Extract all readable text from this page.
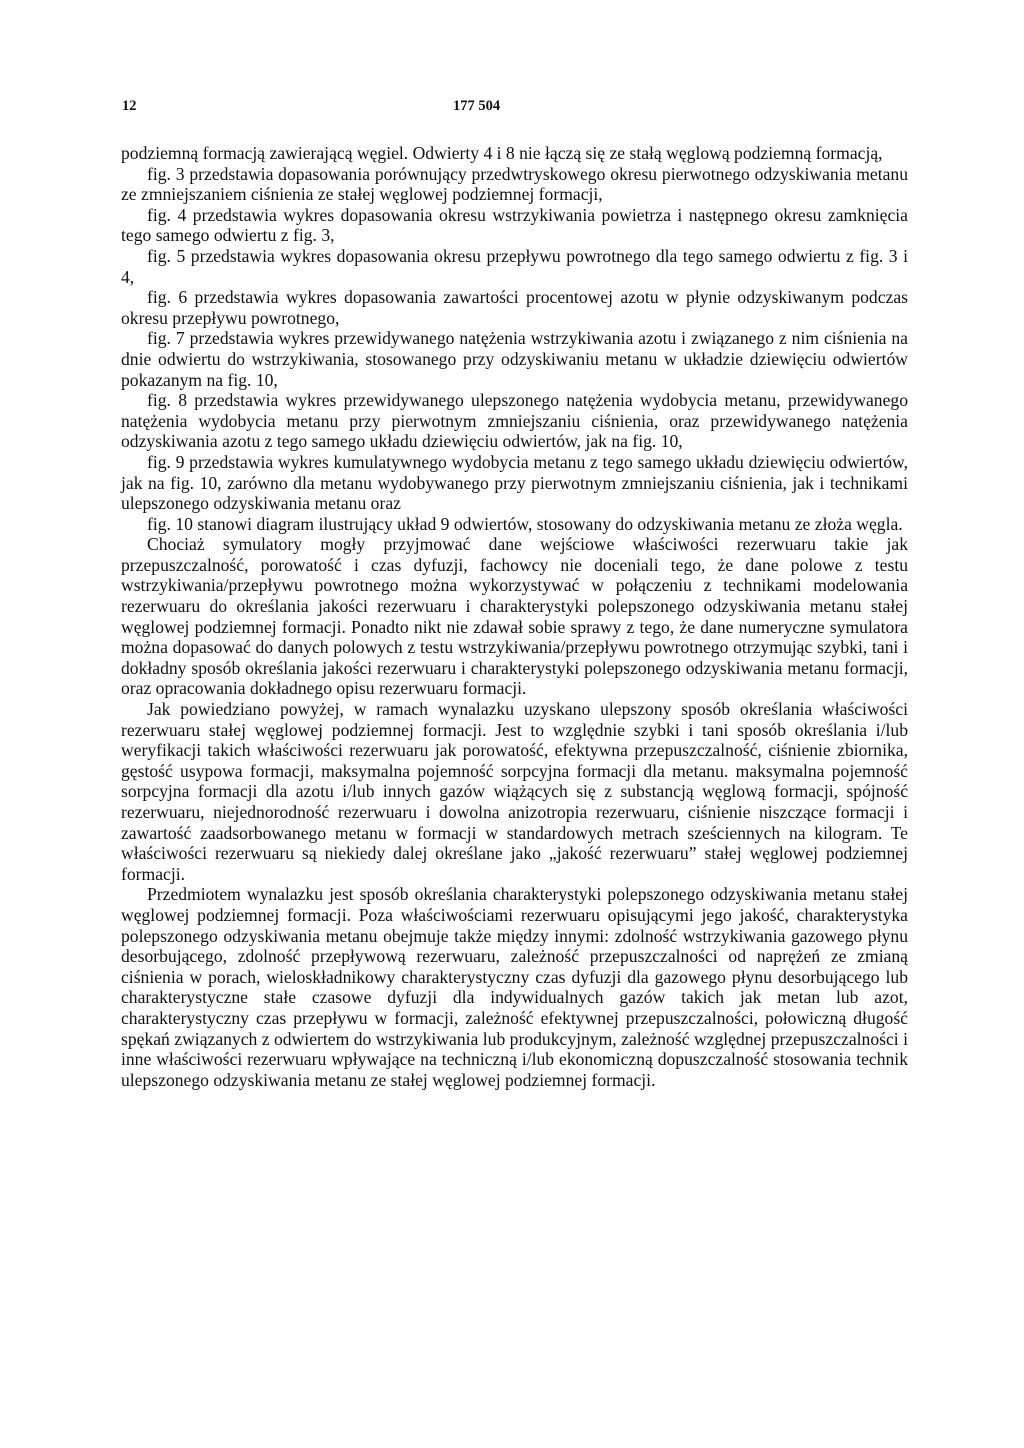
12	177 504

podziemną formacją zawierającą węgiel. Odwierty 4 i 8 nie łączą się ze stałą węglową podziemną formacją,

fig. 3 przedstawia dopasowania porównujący przedwtryskowego okresu pierwotnego odzyskiwania metanu ze zmniejszaniem ciśnienia ze stałej węglowej podziemnej formacji,

fig. 4 przedstawia wykres dopasowania okresu wstrzykiwania powietrza i następnego okresu zamknięcia tego samego odwiertu z fig. 3,

fig. 5 przedstawia wykres dopasowania okresu przepływu powrotnego dla tego samego odwiertu z fig. 3 i 4,

fig. 6 przedstawia wykres dopasowania zawartości procentowej azotu w płynie odzyskiwanym podczas okresu przepływu powrotnego,

fig. 7 przedstawia wykres przewidywanego natężenia wstrzykiwania azotu i związanego z nim ciśnienia na dnie odwiertu do wstrzykiwania, stosowanego przy odzyskiwaniu metanu w układzie dziewięciu odwiertów pokazanym na fig. 10,

fig. 8 przedstawia wykres przewidywanego ulepszonego natężenia wydobycia metanu, przewidywanego natężenia wydobycia metanu przy pierwotnym zmniejszaniu ciśnienia, oraz przewidywanego natężenia odzyskiwania azotu z tego samego układu dziewięciu odwiertów, jak na fig. 10,

fig. 9 przedstawia wykres kumulatywnego wydobycia metanu z tego samego układu dziewięciu odwiertów, jak na fig. 10, zarówno dla metanu wydobywanego przy pierwotnym zmniejszaniu ciśnienia, jak i technikami ulepszonego odzyskiwania metanu oraz

fig. 10 stanowi diagram ilustrujący układ 9 odwiertów, stosowany do odzyskiwania metanu ze złoża węgla.

Chociaż symulatory mogły przyjmować dane wejściowe właściwości rezerwuaru takie jak przepuszczalność, porowatość i czas dyfuzji, fachowcy nie doceniali tego, że dane polowe z testu wstrzykiwania/przepływu powrotnego można wykorzystywać w połączeniu z technikami modelowania rezerwuaru do określania jakości rezerwuaru i charakterystyki polepszonego odzyskiwania metanu stałej węglowej podziemnej formacji. Ponadto nikt nie zdawał sobie sprawy z tego, że dane numeryczne symulatora można dopasować do danych polowych z testu wstrzykiwania/przepływu powrotnego otrzymując szybki, tani i dokładny sposób określania jakości rezerwuaru i charakterystyki polepszonego odzyskiwania metanu formacji, oraz opracowania dokładnego opisu rezerwuaru formacji.

Jak powiedziano powyżej, w ramach wynalazku uzyskano ulepszony sposób określania właściwości rezerwuaru stałej węglowej podziemnej formacji. Jest to względnie szybki i tani sposób określania i/lub weryfikacji takich właściwości rezerwuaru jak porowatość, efektywna przepuszczalność, ciśnienie zbiornika, gęstość usypowa formacji, maksymalna pojemność sorpcyjna formacji dla metanu. maksymalna pojemność sorpcyjna formacji dla azotu i/lub innych gazów wiążących się z substancją węglową formacji, spójność rezerwuaru, niejednorodność rezerwuaru i dowolna anizotropia rezerwuaru, ciśnienie niszczące formacji i zawartość zaadsorbowanego metanu w formacji w standardowych metrach sześciennych na kilogram. Te właściwości rezerwuaru są niekiedy dalej określane jako „jakość rezerwuaru” stałej węglowej podziemnej formacji.

Przedmiotem wynalazku jest sposób określania charakterystyki polepszonego odzyskiwania metanu stałej węglowej podziemnej formacji. Poza właściwościami rezerwuaru opisującymi jego jakość, charakterystyka polepszonego odzyskiwania metanu obejmuje także między innymi: zdolność wstrzykiwania gazowego płynu desorbującego, zdolność przepływową rezerwuaru, zależność przepuszczalności od naprężeń ze zmianą ciśnienia w porach, wieloskładnikowy charakterystyczny czas dyfuzji dla gazowego płynu desorbującego lub charakterystyczne stałe czasowe dyfuzji dla indywidualnych gazów takich jak metan lub azot, charakterystyczny czas przepływu w formacji, zależność efektywnej przepuszczalności, połowiczną długość spękań związanych z odwiertem do wstrzykiwania lub produkcyjnym, zależność względnej przepuszczalności i inne właściwości rezerwuaru wpływające na techniczną i/lub ekonomiczną dopuszczalność stosowania technik ulepszonego odzyskiwania metanu ze stałej węglowej podziemnej formacji.
